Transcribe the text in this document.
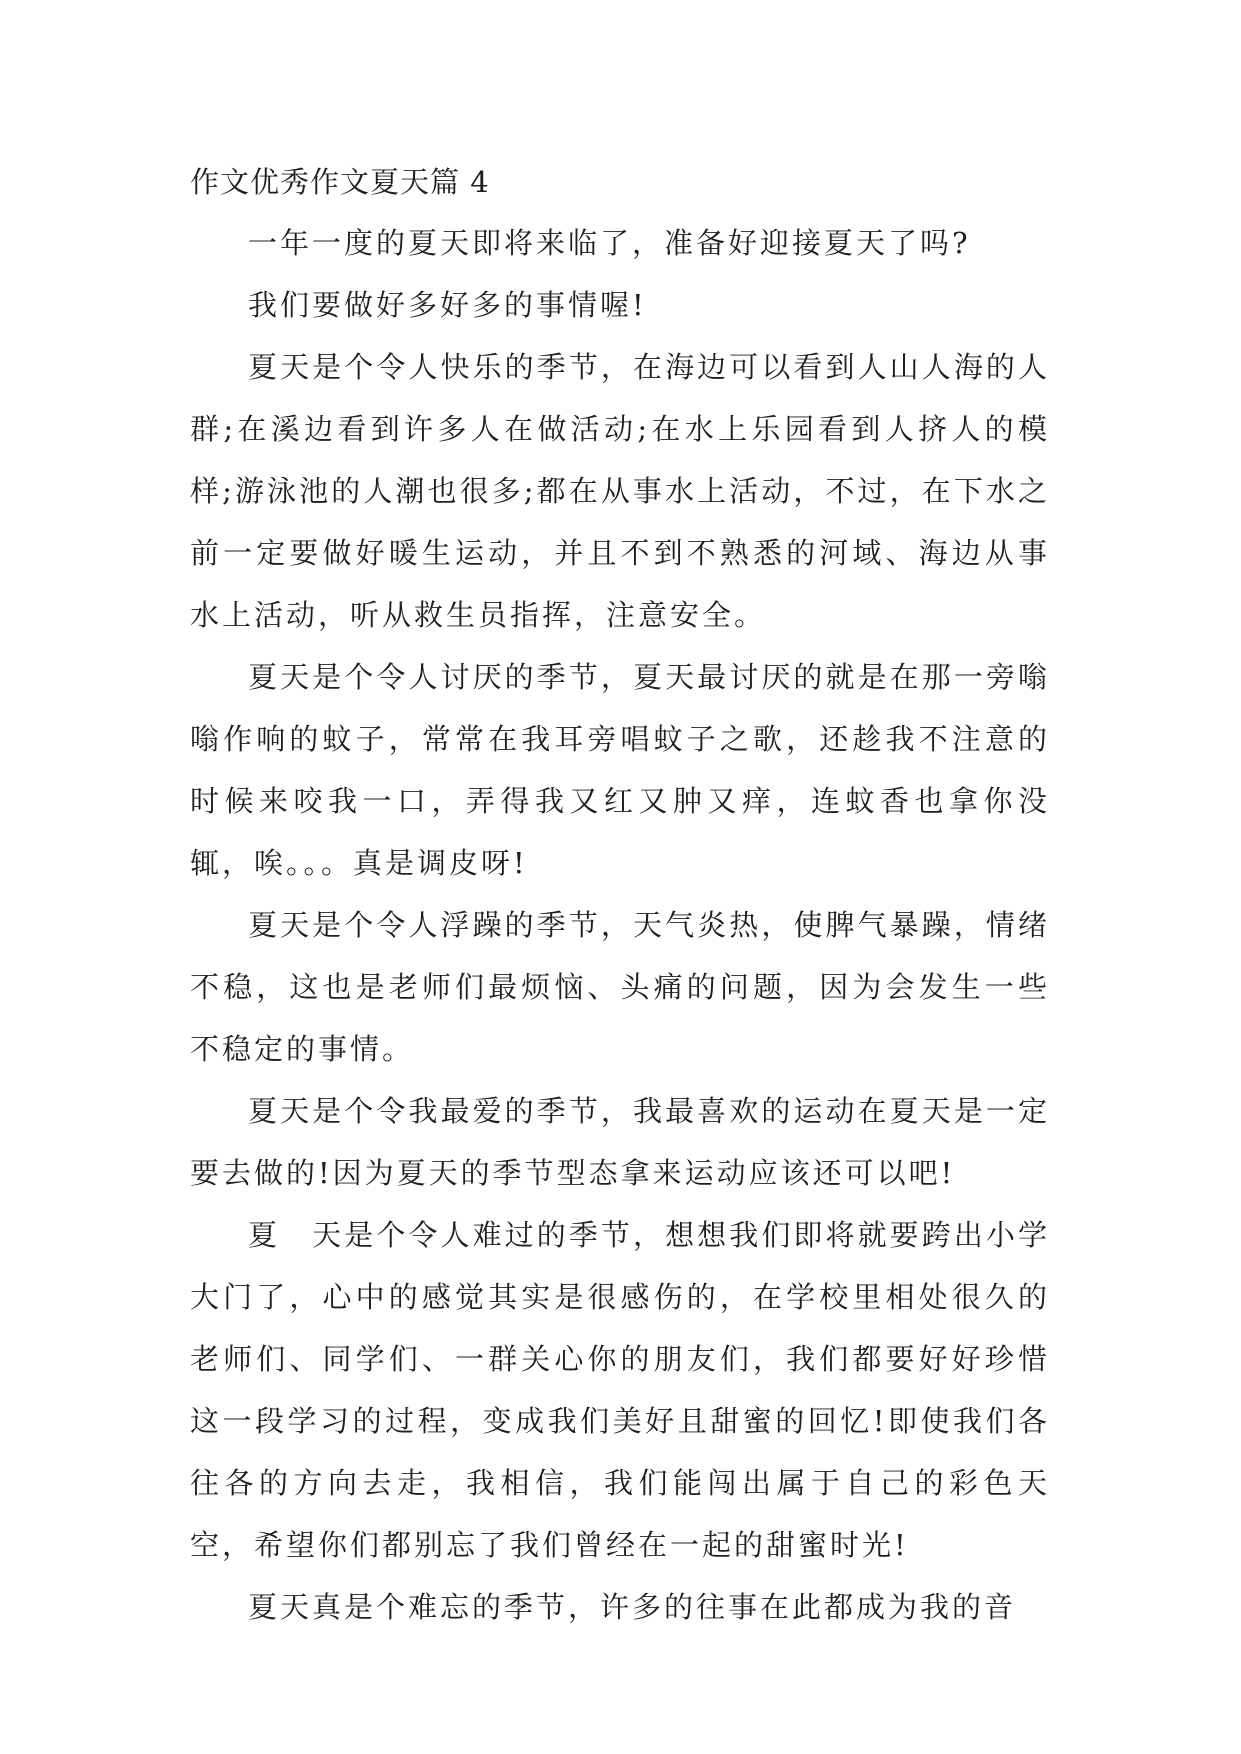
作文优秀作文夏天篇 4

一年一度的夏天即将来临了，准备好迎接夏天了吗?

我们要做好多好多的事情喔!

夏天是个令人快乐的季节，在海边可以看到人山人海的人群;在溪边看到许多人在做活动;在水上乐园看到人挤人的模样;游泳池的人潮也很多;都在从事水上活动，不过，在下水之前一定要做好暖生运动，并且不到不熟悉的河域、海边从事水上活动，听从救生员指挥，注意安全。

夏天是个令人讨厌的季节，夏天最讨厌的就是在那一旁嗡嗡作响的蚊子，常常在我耳旁唱蚊子之歌，还趁我不注意的时候来咬我一口，弄得我又红又肿又痒，连蚊香也拿你没辄，唉。。。真是调皮呀!

夏天是个令人浮躁的季节，天气炎热，使脾气暴躁，情绪不稳，这也是老师们最烦恼、头痛的问题，因为会发生一些不稳定的事情。

夏天是个令我最爱的季节，我最喜欢的运动在夏天是一定要去做的!因为夏天的季节型态拿来运动应该还可以吧!

夏　天是个令人难过的季节，想想我们即将就要跨出小学大门了，心中的感觉其实是很感伤的，在学校里相处很久的老师们、同学们、一群关心你的朋友们，我们都要好好珍惜这一段学习的过程，变成我们美好且甜蜜的回忆!即使我们各往各的方向去走，我相信，我们能闯出属于自己的彩色天空，希望你们都别忘了我们曾经在一起的甜蜜时光!

夏天真是个难忘的季节，许多的往事在此都成为我的音
